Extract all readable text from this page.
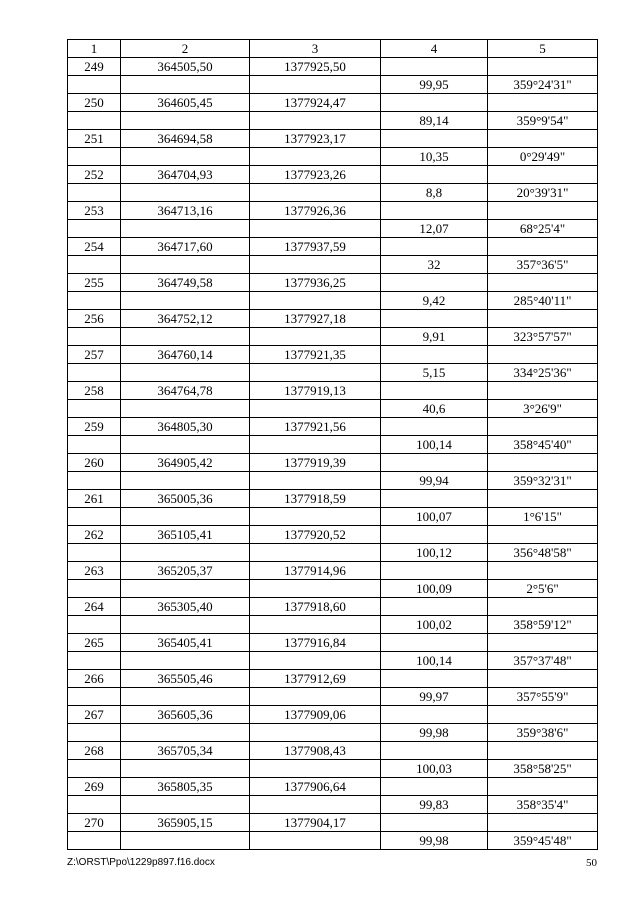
1	2	3	4	5
249	364505,50	1377925,50		
			99,95	359°24'31"
250	364605,45	1377924,47		
			89,14	359°9'54"
251	364694,58	1377923,17		
			10,35	0°29'49"
252	364704,93	1377923,26		
			8,8	20°39'31"
253	364713,16	1377926,36		
			12,07	68°25'4"
254	364717,60	1377937,59		
			32	357°36'5"
255	364749,58	1377936,25		
			9,42	285°40'11"
256	364752,12	1377927,18		
			9,91	323°57'57"
257	364760,14	1377921,35		
			5,15	334°25'36"
258	364764,78	1377919,13		
			40,6	3°26'9"
259	364805,30	1377921,56		
			100,14	358°45'40"
260	364905,42	1377919,39		
			99,94	359°32'31"
261	365005,36	1377918,59		
			100,07	1°6'15"
262	365105,41	1377920,52		
			100,12	356°48'58"
263	365205,37	1377914,96		
			100,09	2°5'6"
264	365305,40	1377918,60		
			100,02	358°59'12"
265	365405,41	1377916,84		
			100,14	357°37'48"
266	365505,46	1377912,69		
			99,97	357°55'9"
267	365605,36	1377909,06		
			99,98	359°38'6"
268	365705,34	1377908,43		
			100,03	358°58'25"
269	365805,35	1377906,64		
			99,83	358°35'4"
270	365905,15	1377904,17		
			99,98	359°45'48"
Z:\ORST\Ppo\1229p897.f16.docx	50
